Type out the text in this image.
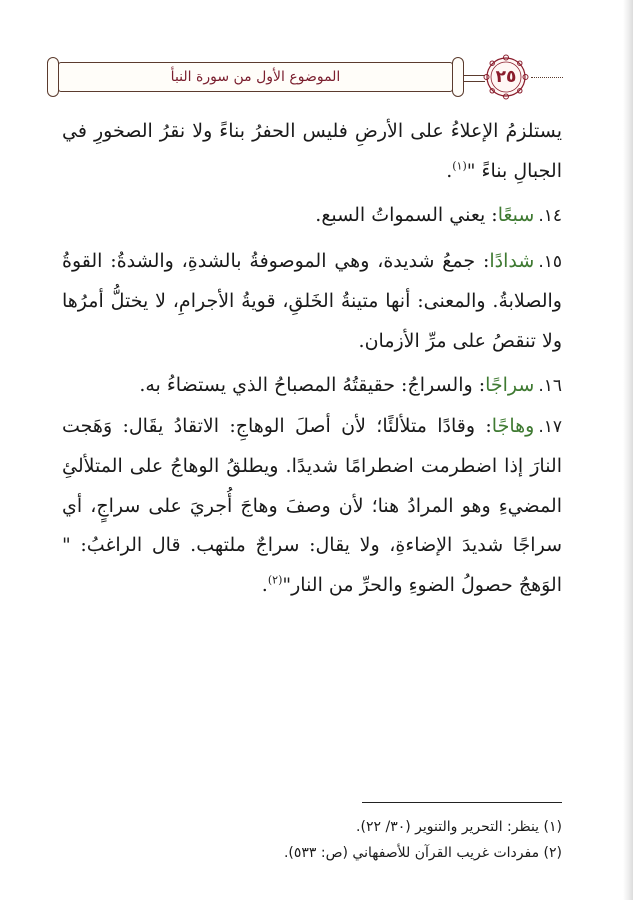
الموضوع الأول من سورة النبأ	٢٥
يستلزمُ الإعلاءُ على الأرضِ فليس الحفرُ بناءً ولا نقرُ الصخورِ في
الجبالِ بناءً "$^{(١)}$.
١٤.سبعًا: يعني السمواتُ السبع.
١٥.شدادًا: جمعُ شديدة، وهي الموصوفةُ بالشدةِ، والشدةُ: القوةُ
والصلابةُ. والمعنى: أنها متينةُ الخَلقِ، قويةُ الأجرامِ، لا يختلُّ أمرُها
ولا تنقصُ على مرِّ الأزمان.
١٦.سراجًا: والسراجُ: حقيقتُهُ المصباحُ الذي يستضاءُ به.
١٧.وهاجًا: وقادًا متلألئًا؛ لأن أصلَ الوهاجِ: الاتقادُ يقَال: وَهَجت
النارَ إذا اضطرمت اضطرامًا شديدًا. ويطلقُ الوهاجُ على المتلألئِ
المضيءِ وهو المرادُ هنا؛ لأن وصفَ وهاجَ أُجريَ على سراجٍ، أي
سراجًا شديدَ الإضاءةِ، ولا يقال: سراجٌ ملتهب. قال الراغبُ: "
الوَهجُ حصولُ الضوءِ والحرِّ من النار"$^{(٢)}$.
(١) ينظر: التحرير والتنوير (٣٠/ ٢٢).
(٢) مفردات غريب القرآن للأصفهاني (ص: ٥٣٣).
